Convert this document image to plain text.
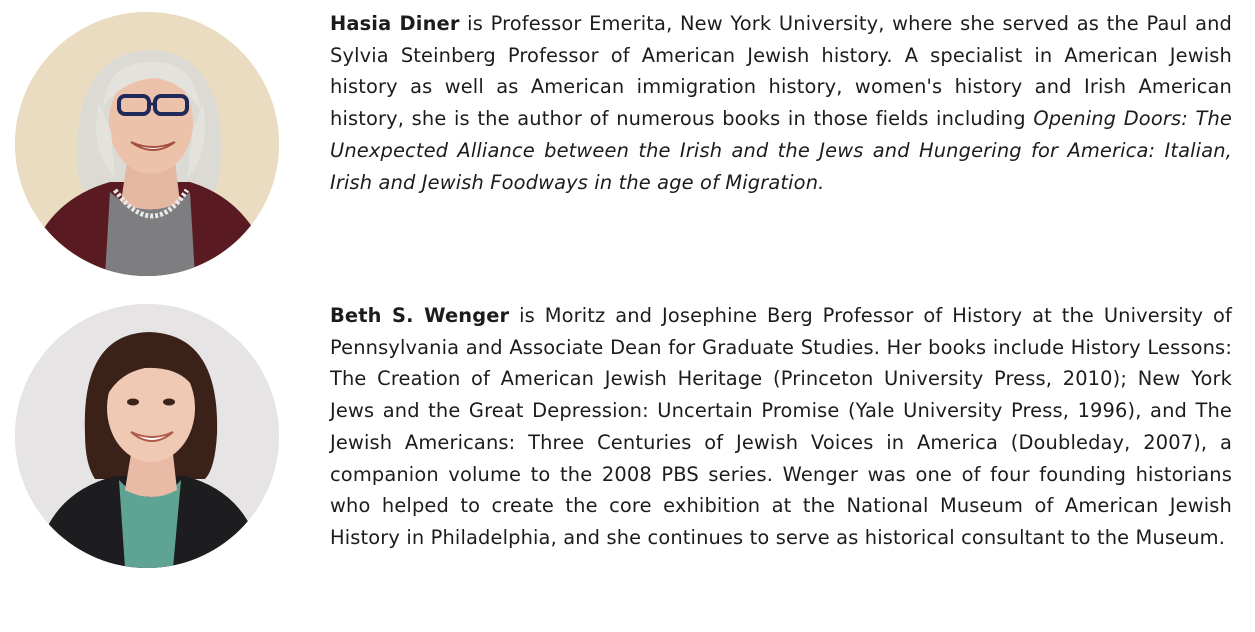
Hasia Diner is Professor Emerita, New York University, where she served as the Paul and Sylvia Steinberg Professor of American Jewish history. A specialist in American Jewish history as well as American immigration history, women's history and Irish American history, she is the author of numerous books in those fields including Opening Doors: The Unexpected Alliance between the Irish and the Jews and Hungering for America: Italian, Irish and Jewish Foodways in the age of Migration.

Beth S. Wenger is Moritz and Josephine Berg Professor of History at the University of Pennsylvania and Associate Dean for Graduate Studies. Her books include History Lessons: The Creation of American Jewish Heritage (Princeton University Press, 2010); New York Jews and the Great Depression: Uncertain Promise (Yale University Press, 1996), and The Jewish Americans: Three Centuries of Jewish Voices in America (Doubleday, 2007), a companion volume to the 2008 PBS series. Wenger was one of four founding historians who helped to create the core exhibition at the National Museum of American Jewish History in Philadelphia, and she continues to serve as historical consultant to the Museum.
